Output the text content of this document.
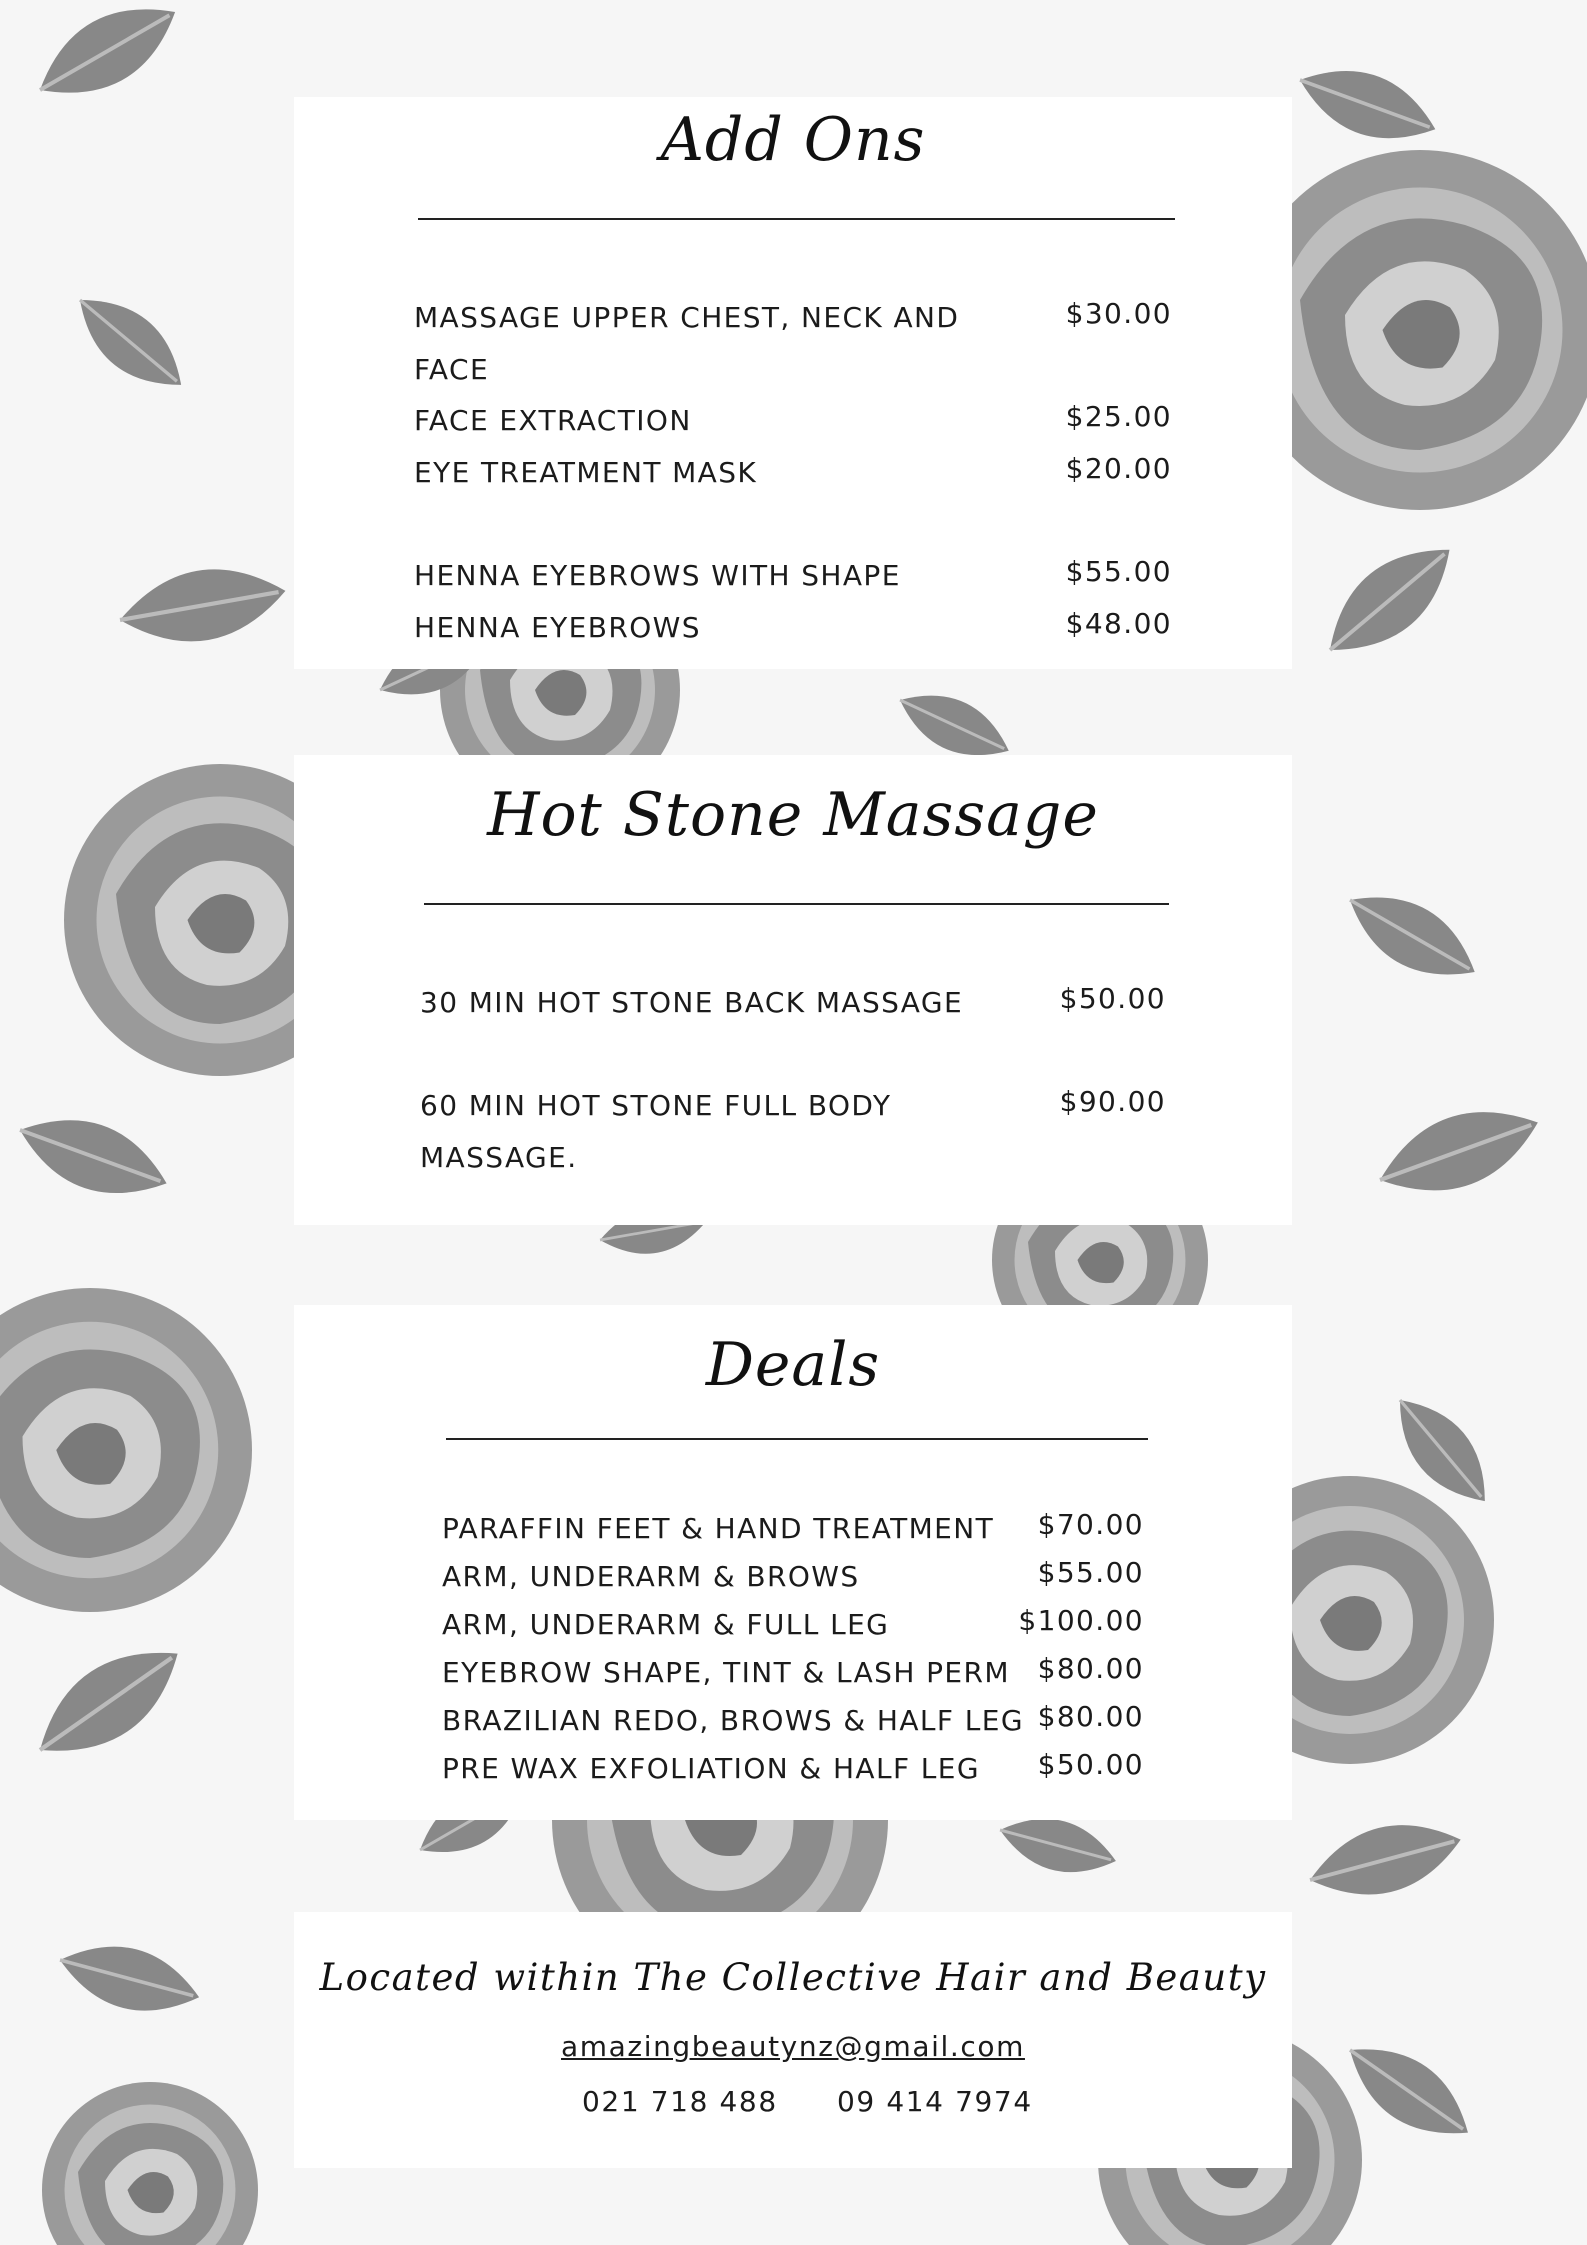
Add Ons
MASSAGE UPPER CHEST, NECK AND
FACE
$30.00
FACE EXTRACTION	$25.00
EYE TREATMENT MASK	$20.00
HENNA EYEBROWS WITH SHAPE	$55.00
HENNA EYEBROWS	$48.00
Hot Stone Massage
30 MIN HOT STONE BACK MASSAGE	$50.00
60 MIN HOT STONE FULL BODY
MASSAGE.
$90.00
Deals
PARAFFIN FEET & HAND TREATMENT $70.00
ARM, UNDERARM & BROWS	$55.00
ARM, UNDERARM & FULL LEG	$100.00
EYEBROW SHAPE, TINT & LASH PERM $80.00
BRAZILIAN REDO, BROWS & HALF LEG $80.00
PRE WAX EXFOLIATION & HALF LEG $50.00
Located within The Collective Hair and Beauty
amazingbeautynz@gmail.com
021 718 488 09 414 7974
